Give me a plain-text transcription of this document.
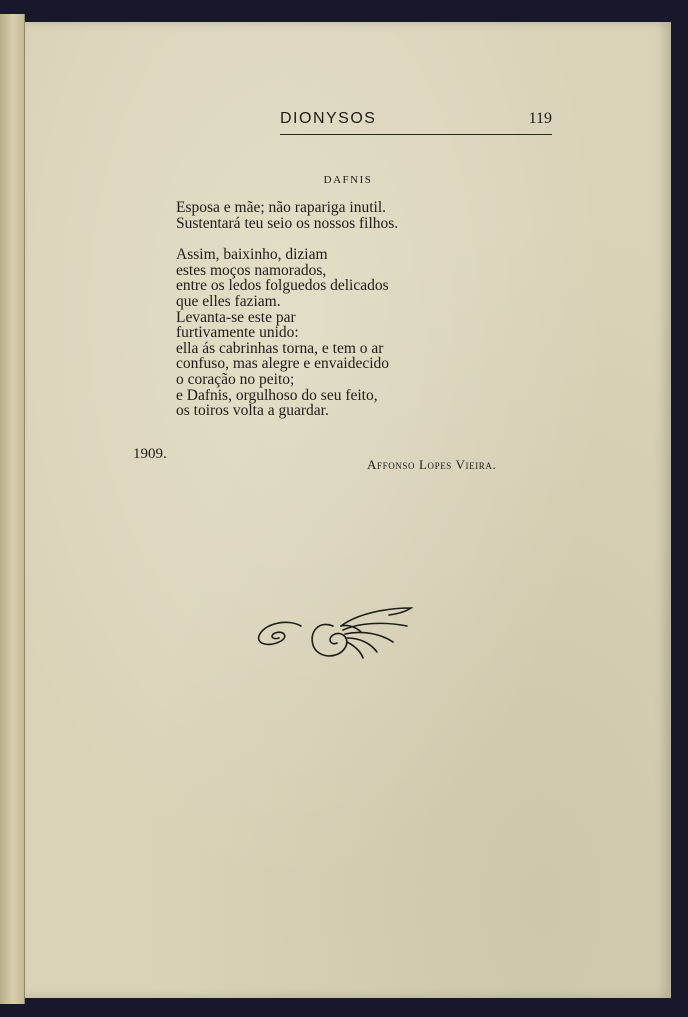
DIONYSOS	119
DAFNIS
Esposa e mãe; não rapariga inutil.
Sustentará teu seio os nossos filhos.
Assim, baixinho, diziam
estes moços namorados,
entre os ledos folguedos delicados
que elles faziam.
Levanta-se este par
furtivamente unido:
ella ás cabrinhas torna, e tem o ar
confuso, mas alegre e envaidecido
o coração no peito;
e Dafnis, orgulhoso do seu feito,
os toiros volta a guardar.
1909.
Affonso Lopes Vieira.
